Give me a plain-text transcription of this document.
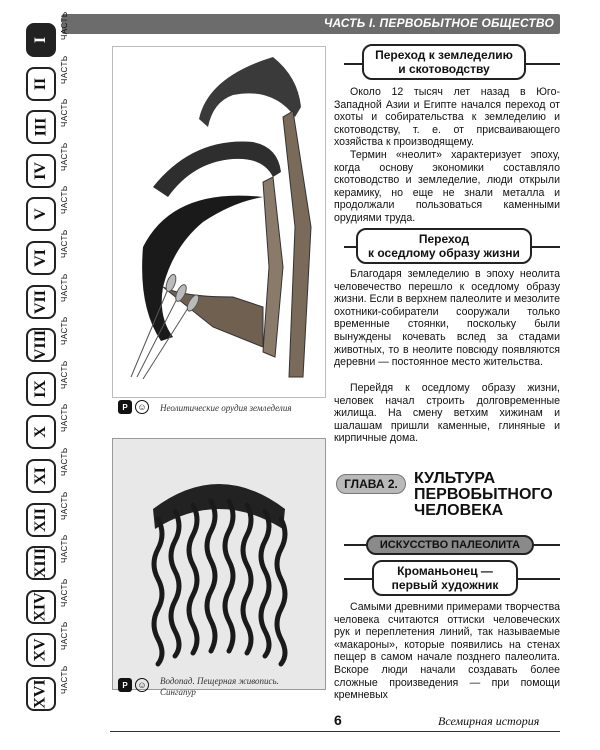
ЧАСТЬ I. ПЕРВОБЫТНОЕ ОБЩЕСТВО
I ЧАСТЬ
II ЧАСТЬ
III ЧАСТЬ
IV ЧАСТЬ
V ЧАСТЬ
VI ЧАСТЬ
VII ЧАСТЬ
VIII ЧАСТЬ
IX ЧАСТЬ
X ЧАСТЬ
XI ЧАСТЬ
XII ЧАСТЬ
XIII ЧАСТЬ
XIV ЧАСТЬ
XV ЧАСТЬ
XVI ЧАСТЬ
Р	☺ Неолитические орудия земледелия
Р	☺ Водопад. Пещерная живопись.
Сингапур
Переход к земледелию
и скотоводству
Около 12 тысяч лет назад в Юго-Западной Азии и Египте начался переход от охоты и собирательства к земледелию и скотоводству, т. е. от присваивающего хозяйства к производящему.
Термин «неолит» характеризует эпоху, когда основу экономики составляло скотоводство и земледелие, люди открыли керамику, но еще не знали металла и продолжали пользоваться каменными орудиями труда.
Переход
к оседлому образу жизни
Благодаря земледелию в эпоху неолита человечество перешло к оседлому образу жизни. Если в верхнем палеолите и мезолите охотники-собиратели сооружали только временные стоянки, поскольку были вынуждены кочевать вслед за стадами животных, то в неолите повсюду появляются деревни — постоянное место жительства.
Перейдя к оседлому образу жизни, человек начал строить долговременные жилища. На смену ветхим хижинам и шалашам пришли каменные, глиняные и кирпичные дома.
ГЛАВА 2.	КУЛЬТУРА
ПЕРВОБЫТНОГО
ЧЕЛОВЕКА
ИСКУССТВО ПАЛЕОЛИТА
Кроманьонец —
первый художник
Самыми древними примерами творчества человека считаются оттиски человеческих рук и переплетения линий, так называемые «макароны», которые появились на стенах пещер в самом начале позднего палеолита. Вскоре люди начали создавать более сложные произведения — при помощи кремневых
6	Всемирная история
